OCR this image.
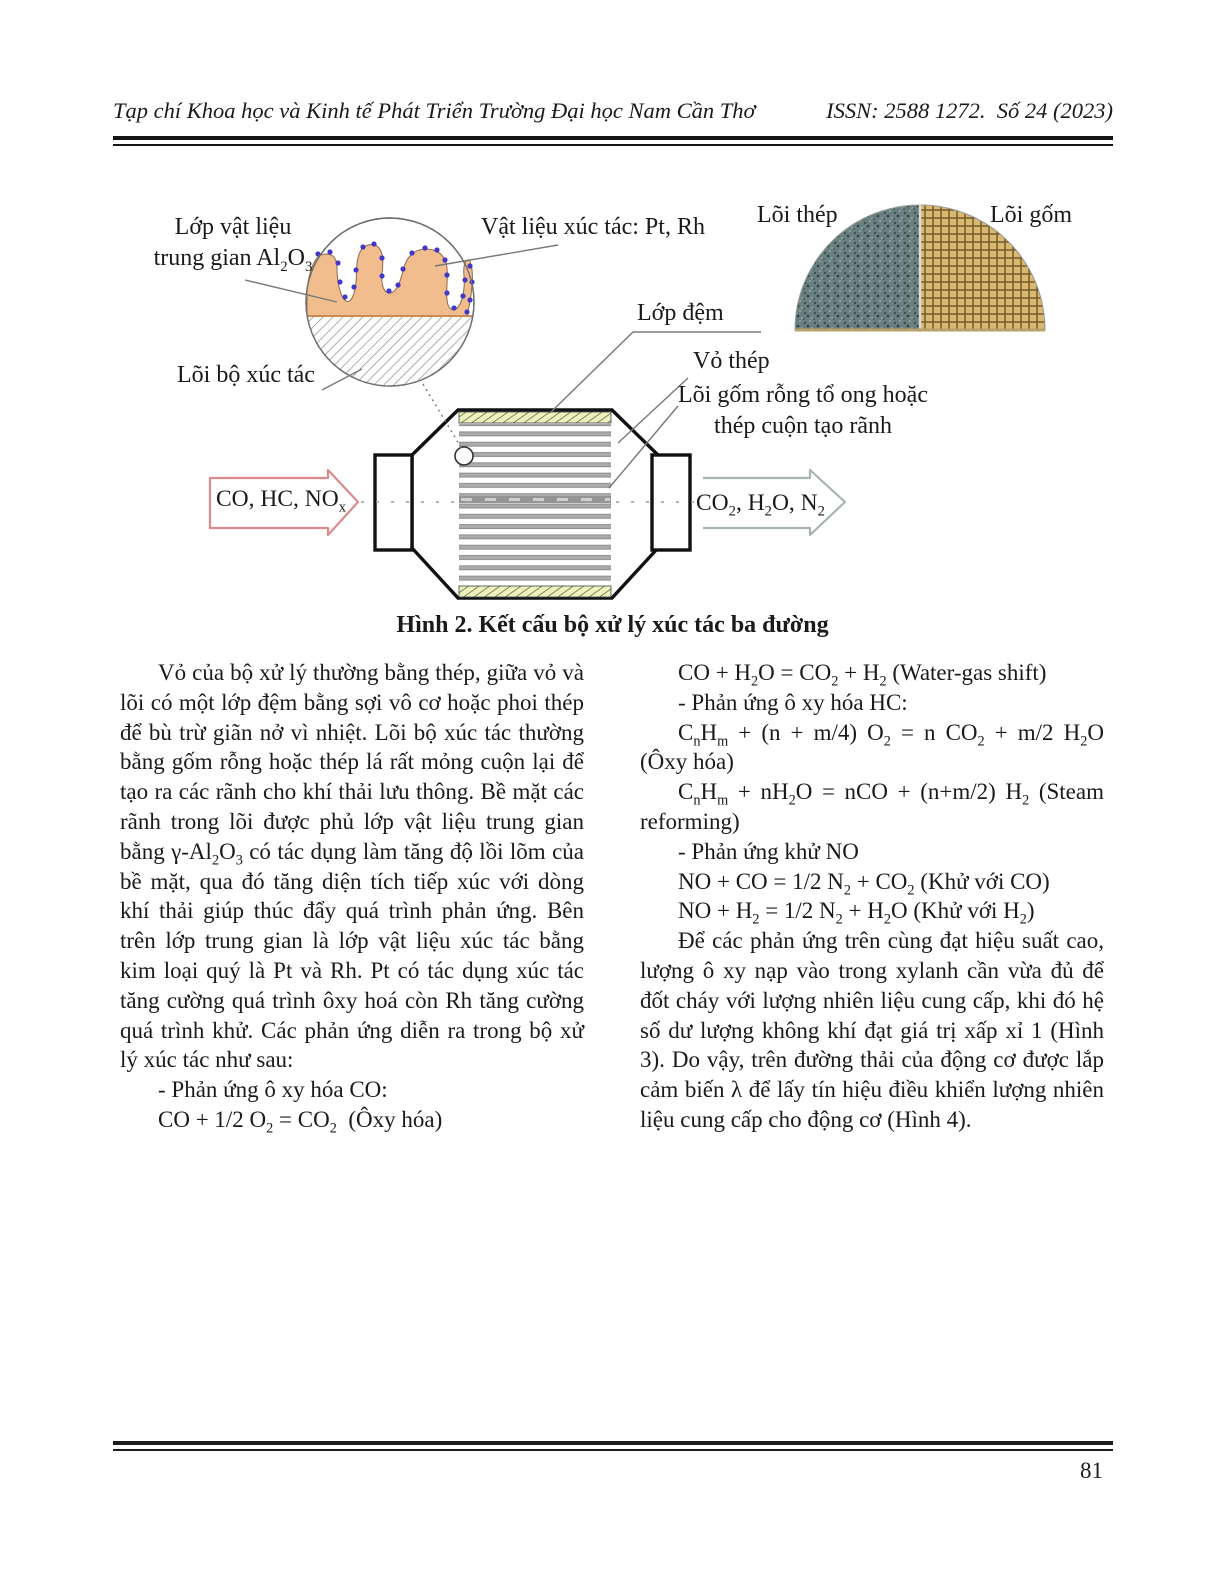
Tạp chí Khoa học và Kinh tế Phát Triển Trường Đại học Nam Cần Thơ	ISSN: 2588 1272.  Số 24 (2023)
Lớp vật liệu
trung gian $Al_2O_3$
Vật liệu xúc tác: Pt, Rh Lõi thép	Lõi gốm
Lớp đệm
Vỏ thép
Lõi gốm rỗng tổ ong hoặc
thép cuộn tạo rãnh
Lõi bộ xúc tác
CO, HC, $NO_x$	$CO_2$, $H_2O$, $N_2$
Hình 2. Kết cấu bộ xử lý xúc tác ba đường

Vỏ của bộ xử lý thường bằng thép, giữa vỏ và lõi có một lớp đệm bằng sợi vô cơ hoặc phoi thép để bù trừ giãn nở vì nhiệt. Lõi bộ xúc tác thường bằng gốm rỗng hoặc thép lá rất mỏng cuộn lại để tạo ra các rãnh cho khí thải lưu thông. Bề mặt các rãnh trong lõi được phủ lớp vật liệu trung gian bằng $\gamma-Al_2O_3$ có tác dụng làm tăng độ lồi lõm của bề mặt, qua đó tăng diện tích tiếp xúc với dòng khí thải giúp thúc đẩy quá trình phản ứng. Bên trên lớp trung gian là lớp vật liệu xúc tác bằng kim loại quý là Pt và Rh. Pt có tác dụng xúc tác tăng cường quá trình ôxy hoá còn Rh tăng cường quá trình khử. Các phản ứng diễn ra trong bộ xử lý xúc tác như sau:

- Phản ứng ô xy hóa CO:

CO + 1/2 $O_2 = CO_2$  (Ôxy hóa)

CO + $H_2O = CO_2 + H_2$ (Water-gas shift)

- Phản ứng ô xy hóa HC:

$C_nH_m + (n + m/4) O_2 = n$ $CO_2 + m/2$ $H_2O$ (Ôxy hóa)

$C_nH_m + nH_2O$ = nCO + (n+m/2) $H_2$ (Steam reforming)

- Phản ứng khử NO

NO + CO = 1/2 $N_2 + CO_2$ (Khử với CO)

NO + $H_2 = 1/2$ $N_2 + H_2O$ (Khử với $H_2$)

Để các phản ứng trên cùng đạt hiệu suất cao, lượng ô xy nạp vào trong xylanh cần vừa đủ để đốt cháy với lượng nhiên liệu cung cấp, khi đó hệ số dư lượng không khí đạt giá trị xấp xỉ 1 (Hình 3). Do vậy, trên đường thải của động cơ được lắp cảm biến λ để lấy tín hiệu điều khiển lượng nhiên liệu cung cấp cho động cơ (Hình 4).

81
